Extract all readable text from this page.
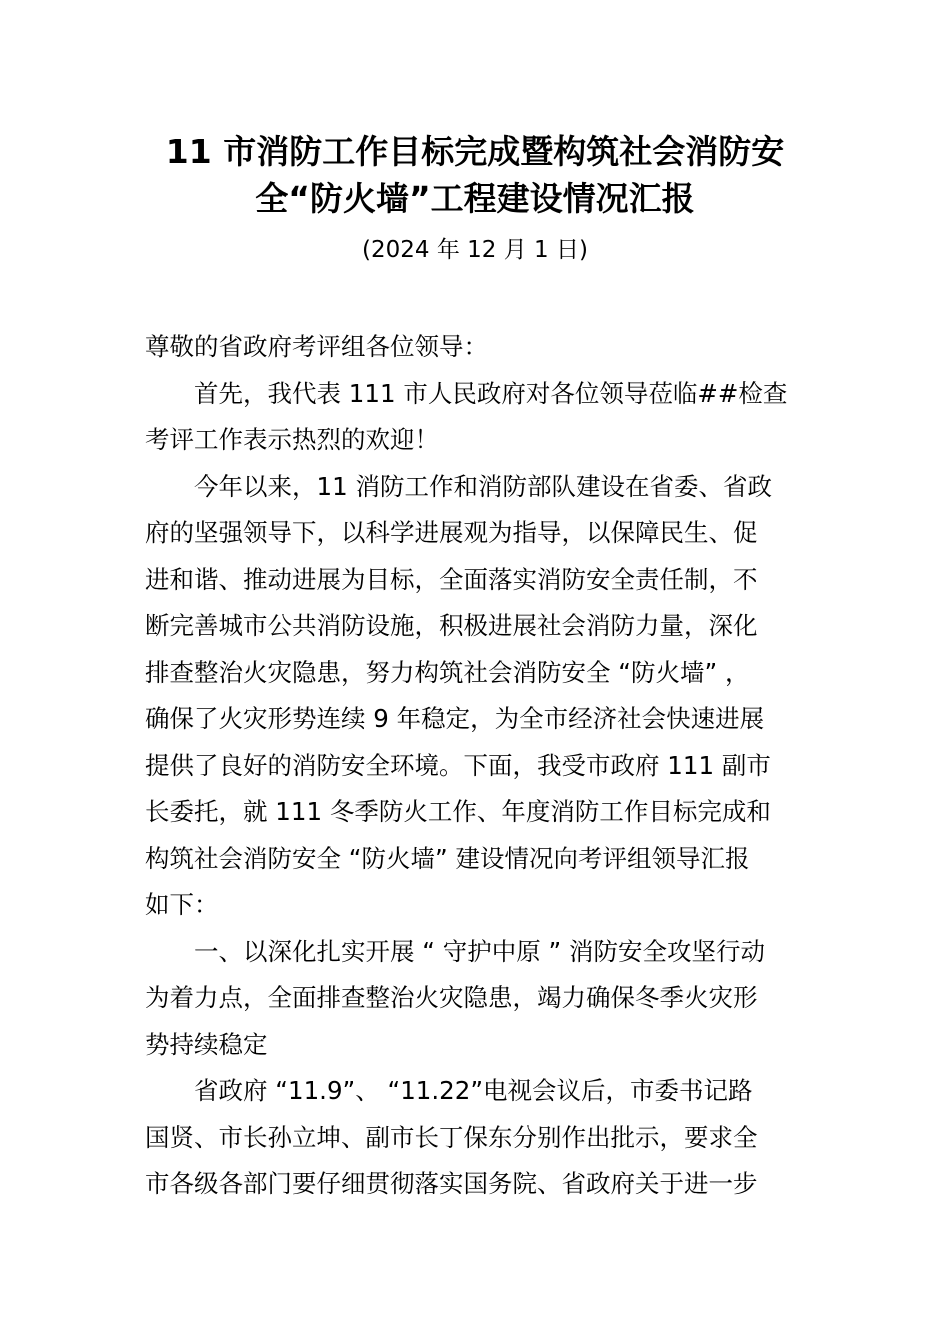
11 市消防工作目标完成暨构筑社会消防安
全“防火墙”工程建设情况汇报

(2024 年 12 月 1 日)

尊敬的省政府考评组各位领导：
首先，我代表 111 市人民政府对各位领导莅临##检查
考评工作表示热烈的欢迎！
今年以来，11 消防工作和消防部队建设在省委、省政
府的坚强领导下，以科学进展观为指导，以保障民生、促
进和谐、推动进展为目标，全面落实消防安全责任制，不
断完善城市公共消防设施，积极进展社会消防力量，深化
排查整治火灾隐患，努力构筑社会消防安全 “防火墙” ，
确保了火灾形势连续 9 年稳定，为全市经济社会快速进展
提供了良好的消防安全环境。下面，我受市政府 111 副市
长委托，就 111 冬季防火工作、年度消防工作目标完成和
构筑社会消防安全 “防火墙” 建设情况向考评组领导汇报
如下：
一、以深化扎实开展 “ 守护中原 ” 消防安全攻坚行动
为着力点，全面排查整治火灾隐患，竭力确保冬季火灾形
势持续稳定
省政府 “11.9”、 “11.22”电视会议后，市委书记路
国贤、市长孙立坤、副市长丁保东分别作出批示，要求全
市各级各部门要仔细贯彻落实国务院、省政府关于进一步
